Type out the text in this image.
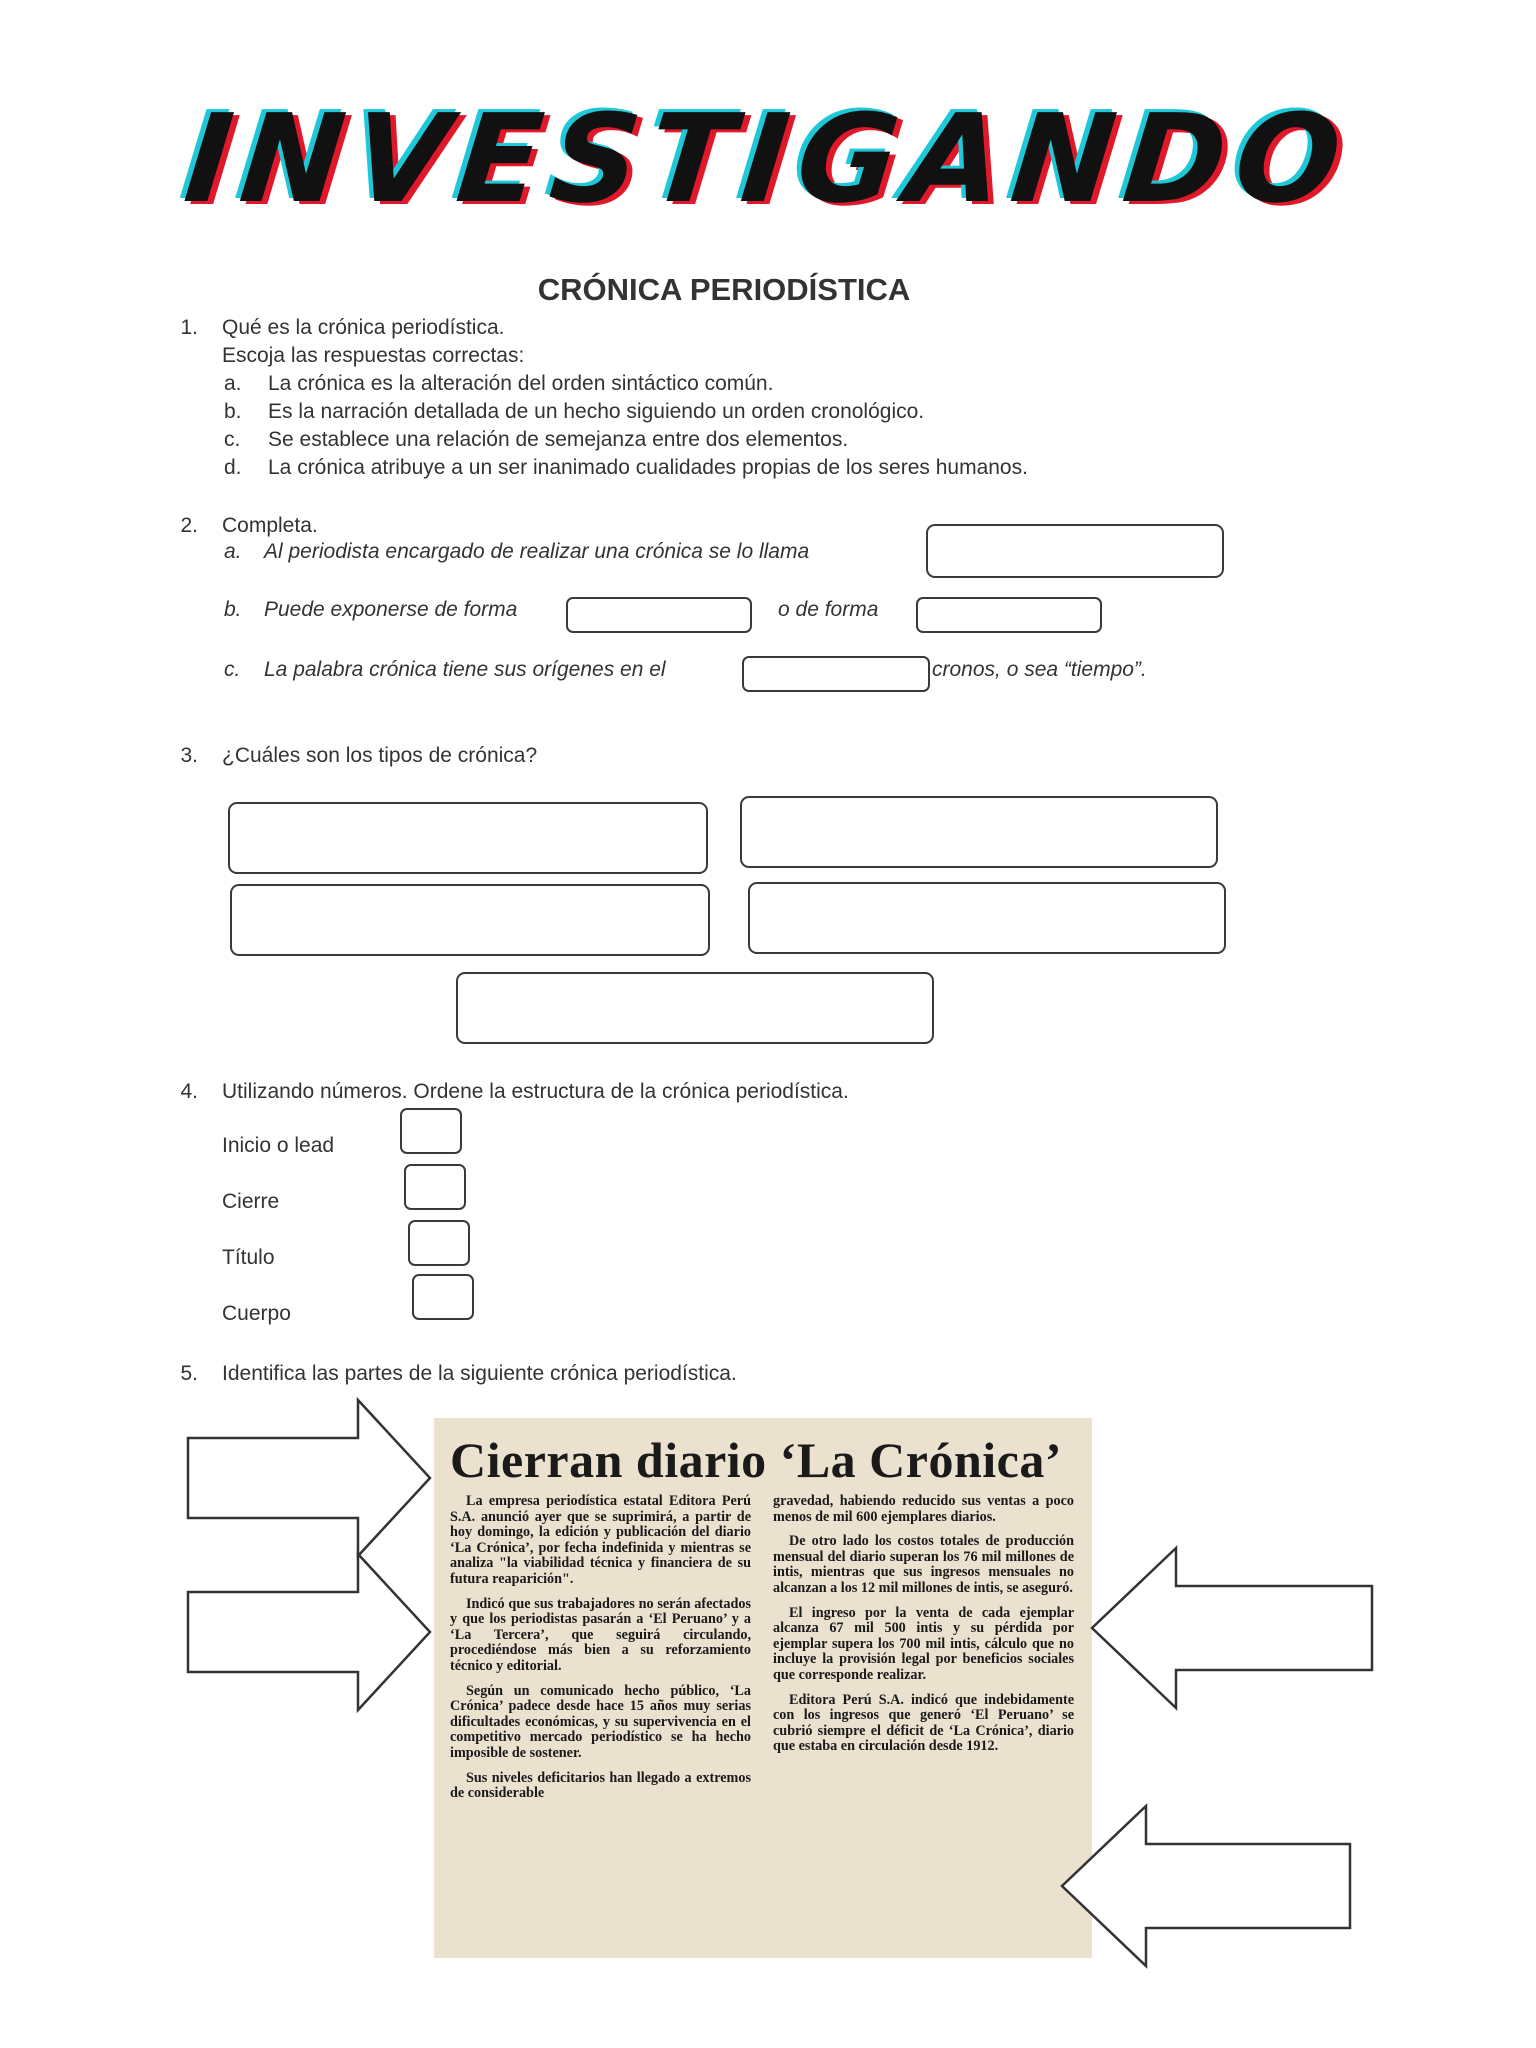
INVESTIGANDO
CRÓNICA PERIODÍSTICA
1. Qué es la crónica periodística.
Escoja las respuestas correctas:
a. La crónica es la alteración del orden sintáctico común.
b. Es la narración detallada de un hecho siguiendo un orden cronológico.
c. Se establece una relación de semejanza entre dos elementos.
d. La crónica atribuye a un ser inanimado cualidades propias de los seres humanos.
2. Completa.
a. Al periodista encargado de realizar una crónica se lo llama
b. Puede exponerse de forma	o de forma
c. La palabra crónica tiene sus orígenes en el	cronos, o sea “tiempo”.
3. ¿Cuáles son los tipos de crónica?
4. Utilizando números. Ordene la estructura de la crónica periodística.
Inicio o lead
Cierre
Título
Cuerpo
5. Identifica las partes de la siguiente crónica periodística.
Cierran diario ‘La Crónica’

La empresa periodística estatal Editora Perú S.A. anunció ayer que se suprimirá, a partir de hoy domingo, la edición y publicación del diario ‘La Crónica’, por fecha indefinida y mientras se analiza "la viabilidad técnica y financiera de su futura reaparición".

Indicó que sus trabajadores no serán afectados y que los periodistas pasarán a ‘El Peruano’ y a ‘La Tercera’, que seguirá circulando, procediéndose más bien a su reforzamiento técnico y editorial.

Según un comunicado hecho público, ‘La Crónica’ padece desde hace 15 años muy serias dificultades económicas, y su supervivencia en el competitivo mercado periodístico se ha hecho imposible de sostener.

Sus niveles deficitarios han llegado a extremos de considerable

gravedad, habiendo reducido sus ventas a poco menos de mil 600 ejemplares diarios.

De otro lado los costos totales de producción mensual del diario superan los 76 mil millones de intis, mientras que sus ingresos mensuales no alcanzan a los 12 mil millones de intis, se aseguró.

El ingreso por la venta de cada ejemplar alcanza 67 mil 500 intis y su pérdida por ejemplar supera los 700 mil intis, cálculo que no incluye la provisión legal por beneficios sociales que corresponde realizar.

Editora Perú S.A. indicó que indebidamente con los ingresos que generó ‘El Peruano’ se cubrió siempre el déficit de ‘La Crónica’, diario que estaba en circulación desde 1912.
